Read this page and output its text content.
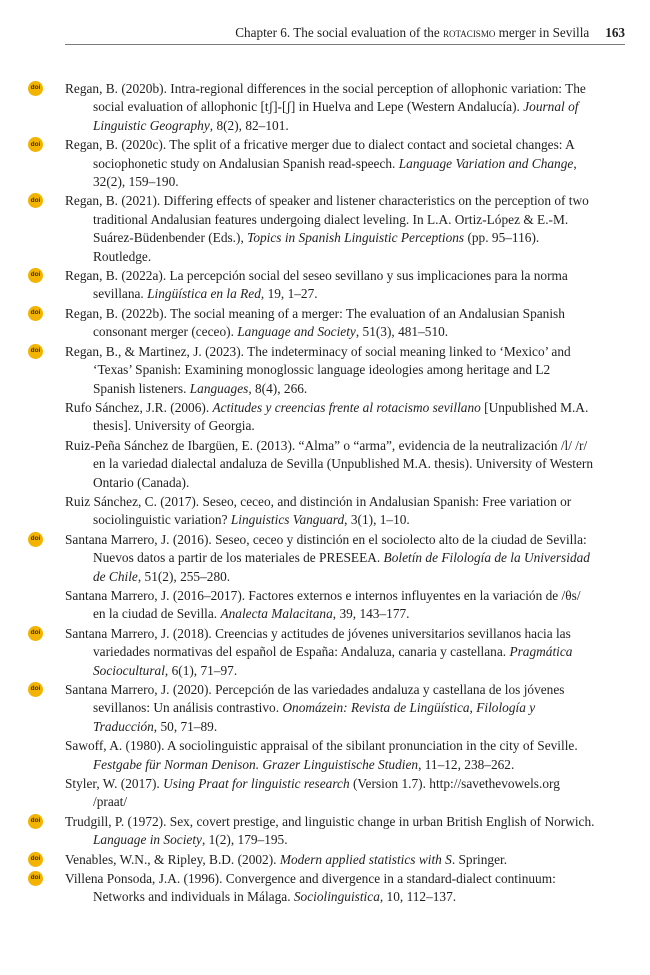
Chapter 6. The social evaluation of the rotacismo merger in Sevilla 163
doi Regan, B. (2020b). Intra-regional differences in the social perception of allophonic variation: The social evaluation of allophonic [tʃ]-[ʃ] in Huelva and Lepe (Western Andalucía). Journal of Linguistic Geography, 8(2), 82–101.
doi Regan, B. (2020c). The split of a fricative merger due to dialect contact and societal changes: A sociophonetic study on Andalusian Spanish read-speech. Language Variation and Change, 32(2), 159–190.
doi Regan, B. (2021). Differing effects of speaker and listener characteristics on the perception of two traditional Andalusian features undergoing dialect leveling. In L.A. Ortiz-López & E.-M. Suárez-Büdenbender (Eds.), Topics in Spanish Linguistic Perceptions (pp. 95–116). Routledge.
doi Regan, B. (2022a). La percepción social del seseo sevillano y sus implicaciones para la norma sevillana. Lingüística en la Red, 19, 1–27.
doi Regan, B. (2022b). The social meaning of a merger: The evaluation of an Andalusian Spanish consonant merger (ceceo). Language and Society, 51(3), 481–510.
doi Regan, B., & Martinez, J. (2023). The indeterminacy of social meaning linked to ‘Mexico’ and ‘Texas’ Spanish: Examining monoglossic language ideologies among heritage and L2 Spanish listeners. Languages, 8(4), 266.
Rufo Sánchez, J.R. (2006). Actitudes y creencias frente al rotacismo sevillano [Unpublished M.A. thesis]. University of Georgia.
Ruiz-Peña Sánchez de Ibargüen, E. (2013). “Alma” o “arma”, evidencia de la neutralización /l/ /r/ en la variedad dialectal andaluza de Sevilla (Unpublished M.A. thesis). University of Western Ontario (Canada).
Ruiz Sánchez, C. (2017). Seseo, ceceo, and distinción in Andalusian Spanish: Free variation or sociolinguistic variation? Linguistics Vanguard, 3(1), 1–10.
doi Santana Marrero, J. (2016). Seseo, ceceo y distinción en el sociolecto alto de la ciudad de Sevilla: Nuevos datos a partir de los materiales de PRESEEA. Boletín de Filología de la Universidad de Chile, 51(2), 255–280.
Santana Marrero, J. (2016–2017). Factores externos e internos influyentes en la variación de /θs/ en la ciudad de Sevilla. Analecta Malacitana, 39, 143–177.
doi Santana Marrero, J. (2018). Creencias y actitudes de jóvenes universitarios sevillanos hacia las variedades normativas del español de España: Andaluza, canaria y castellana. Pragmática Sociocultural, 6(1), 71–97.
doi Santana Marrero, J. (2020). Percepción de las variedades andaluza y castellana de los jóvenes sevillanos: Un análisis contrastivo. Onomázein: Revista de Lingüística, Filología y Traducción, 50, 71–89.
Sawoff, A. (1980). A sociolinguistic appraisal of the sibilant pronunciation in the city of Seville. Festgabe für Norman Denison. Grazer Linguistische Studien, 11–12, 238–262.
Styler, W. (2017). Using Praat for linguistic research (Version 1.7). http://savethevowels.org /praat/
doi Trudgill, P. (1972). Sex, covert prestige, and linguistic change in urban British English of Norwich. Language in Society, 1(2), 179–195.
doi Venables, W.N., & Ripley, B.D. (2002). Modern applied statistics with S. Springer.
doi Villena Ponsoda, J.A. (1996). Convergence and divergence in a standard-dialect continuum: Networks and individuals in Málaga. Sociolinguistica, 10, 112–137.
